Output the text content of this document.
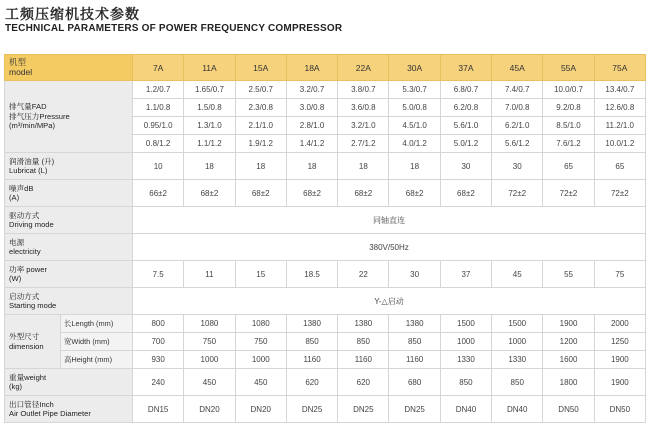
工频压缩机技术参数
TECHNICAL PARAMETERS OF POWER FREQUENCY COMPRESSOR
机型
model		7A	11A	15A	18A	22A	30A	37A	45A	55A	75A
排气量FAD
排气压力Pressure
(m³/min/MPa)		1.2/0.7	1.65/0.7	2.5/0.7	3.2/0.7	3.8/0.7	5.3/0.7	6.8/0.7	7.4/0.7	10.0/0.7	13.4/0.7
		1.1/0.8	1.5/0.8	2.3/0.8	3.0/0.8	3.6/0.8	5.0/0.8	6.2/0.8	7.0/0.8	9.2/0.8	12.6/0.8
		0.95/1.0	1.3/1.0	2.1/1.0	2.8/1.0	3.2/1.0	4.5/1.0	5.6/1.0	6.2/1.0	8.5/1.0	11.2/1.0
		0.8/1.2	1.1/1.2	1.9/1.2	1.4/1.2	2.7/1.2	4.0/1.2	5.0/1.2	5.6/1.2	7.6/1.2	10.0/1.2
润滑油量 (升)
Lubricat (L)		10	18	18	18	18	18	30	30	65	65
噪声dB
(A)		66±2	68±2	68±2	68±2	68±2	68±2	68±2	72±2	72±2	72±2
驱动方式
Driving mode		同轴直连									
电源
electricity		380V/50Hz									
功率 power
(W)		7.5	11	15	18.5	22	30	37	45	55	75
启动方式
Starting mode		Y-△启动									
外型尺寸
dimension	长Length (mm)	800	1080	1080	1380	1380	1380	1500	1500	1900	2000
	宽Width (mm)	700	750	750	850	850	850	1000	1000	1200	1250
	高Height (mm)	930	1000	1000	1160	1160	1160	1330	1330	1600	1900
重量weight
(kg)		240	450	450	620	620	680	850	850	1800	1900
出口管径Inch
Air Outlet Pipe Diameter		DN15	DN20	DN20	DN25	DN25	DN25	DN40	DN40	DN50	DN50
